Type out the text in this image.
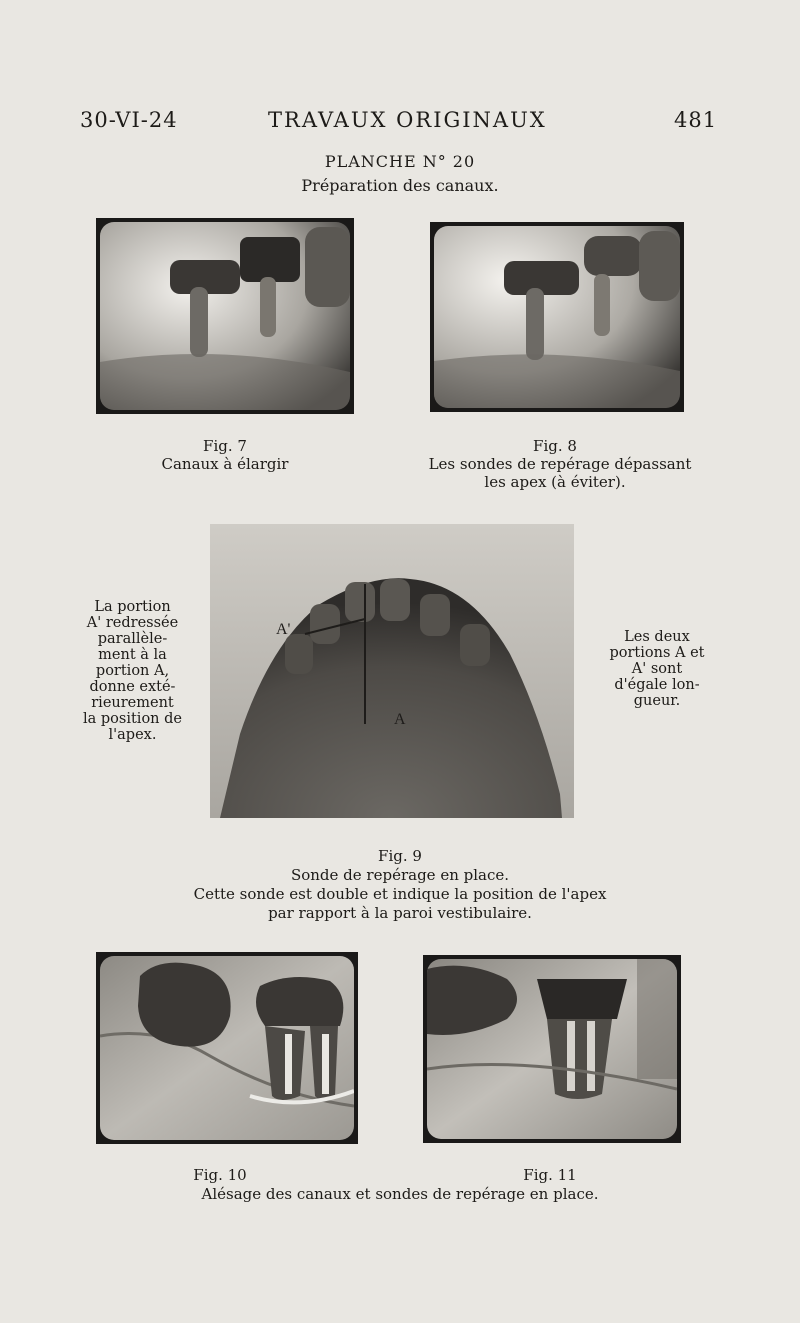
30-VI-24	TRAVAUX ORIGINAUX	481
PLANCHE N° 20
Préparation des canaux.
Fig. 7
Canaux à élargir
Fig. 8
Les sondes de repérage dépassant
les apex (à éviter).
La portion
A' redressée
parallèle-
ment à la
portion A,
donne exté-
rieurement
la position de
l'apex.
A'
A
Les deux
portions A et
A' sont
d'égale lon-
gueur.
Fig. 9
Sonde de repérage en place.
Cette sonde est double et indique la position de l'apex
par rapport à la paroi vestibulaire.
Fig. 10	Fig. 11
Alésage des canaux et sondes de repérage en place.
